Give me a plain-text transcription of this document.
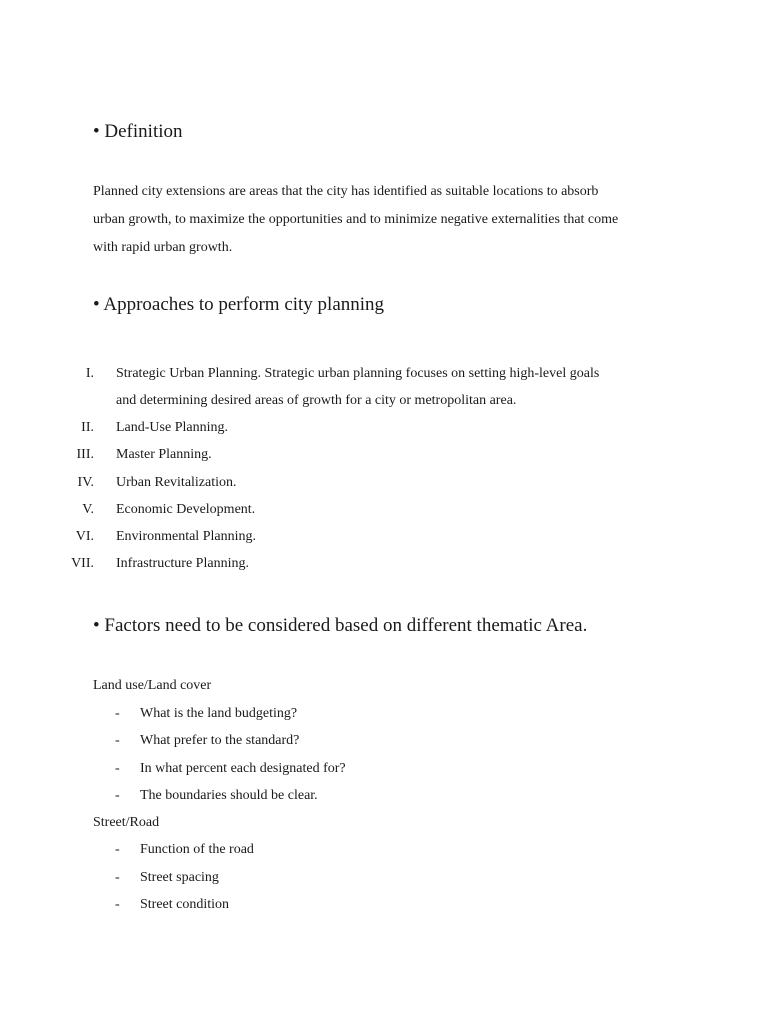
• Definition
Planned city extensions are areas that the city has identified as suitable locations to absorb
urban growth, to maximize the opportunities and to minimize negative externalities that come
with rapid urban growth.
• Approaches to perform city planning
I. Strategic Urban Planning. Strategic urban planning focuses on setting high-level goals
and determining desired areas of growth for a city or metropolitan area.
II. Land-Use Planning.
III. Master Planning.
IV. Urban Revitalization.
V. Economic Development.
VI. Environmental Planning.
VII. Infrastructure Planning.
• Factors need to be considered based on different thematic Area.
Land use/Land cover
- What is the land budgeting?
- What prefer to the standard?
- In what percent each designated for?
- The boundaries should be clear.
Street/Road
- Function of the road
- Street spacing
- Street condition
